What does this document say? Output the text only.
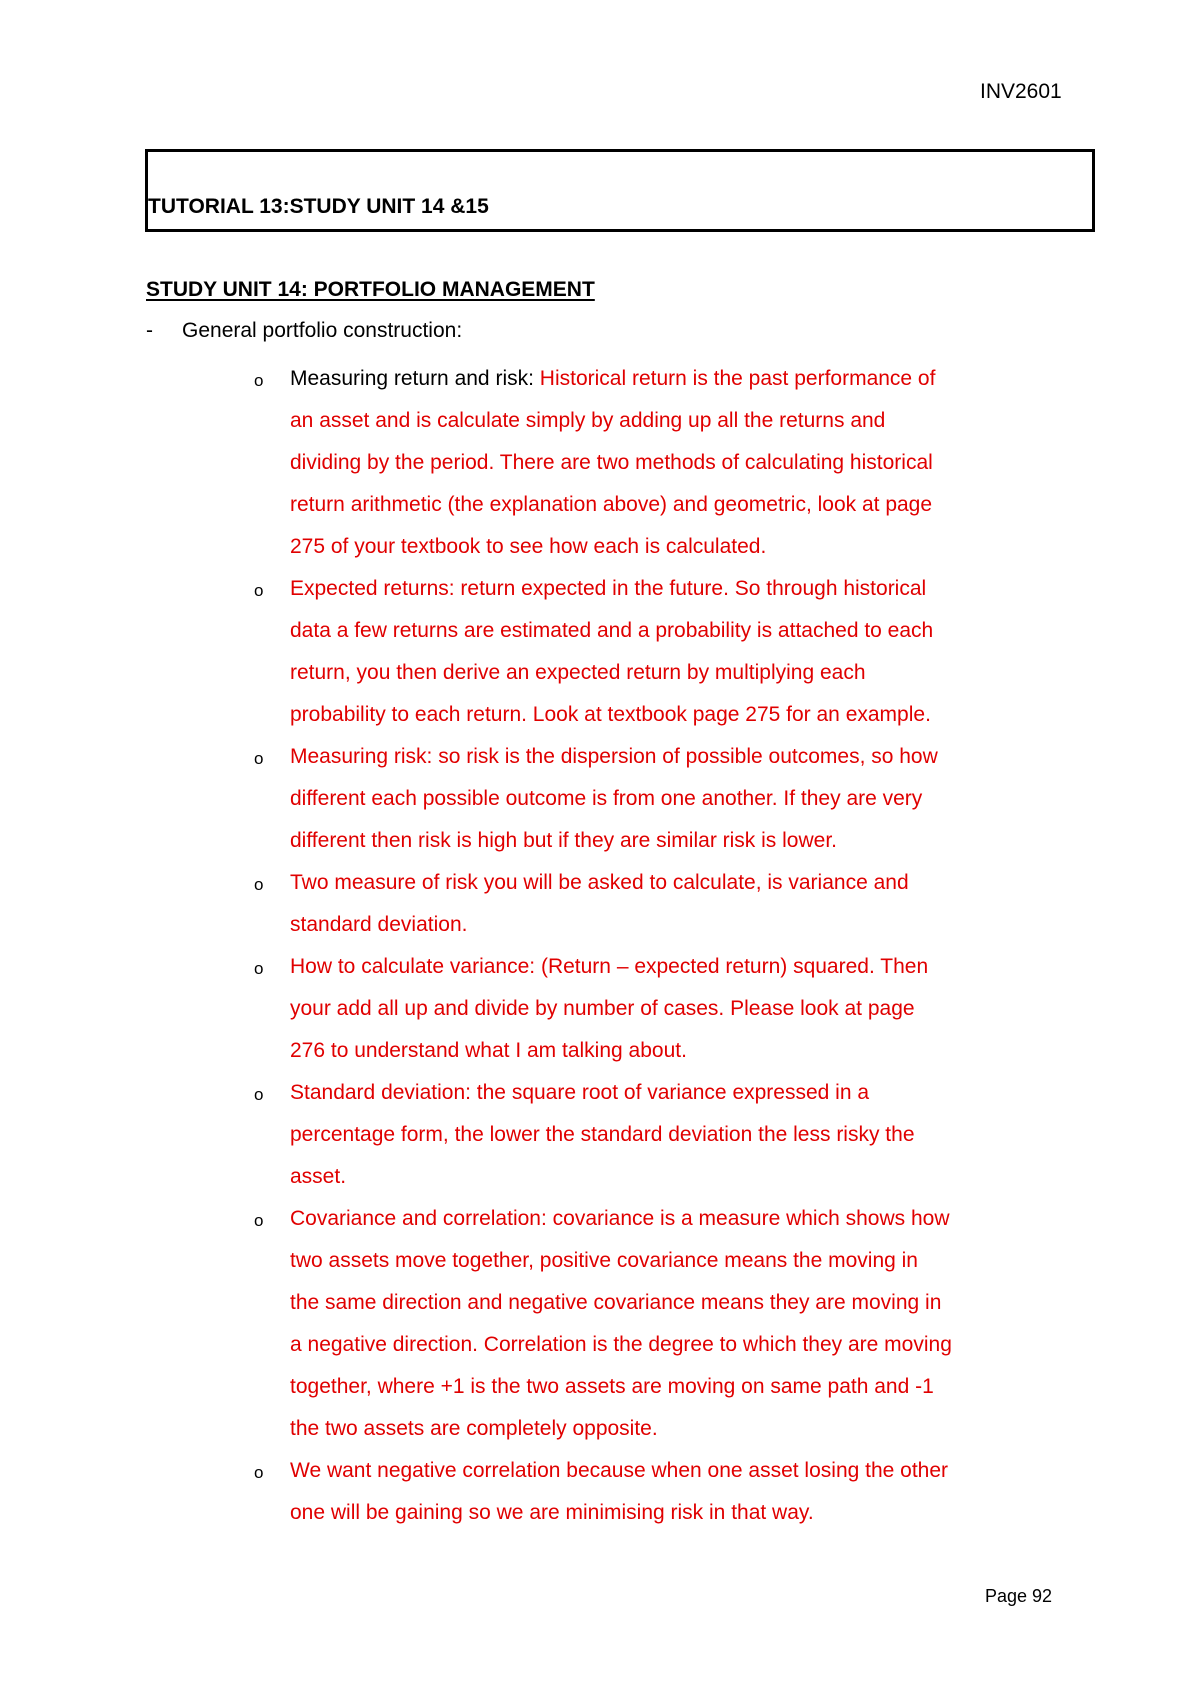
INV2601
TUTORIAL 13:STUDY UNIT 14 &15
STUDY UNIT 14: PORTFOLIO MANAGEMENT
- General portfolio construction:
o Measuring return and risk: Historical return is the past performance of
an asset and is calculate simply by adding up all the returns and
dividing by the period. There are two methods of calculating historical
return arithmetic (the explanation above) and geometric, look at page
275 of your textbook to see how each is calculated.
o Expected returns: return expected in the future. So through historical
data a few returns are estimated and a probability is attached to each
return, you then derive an expected return by multiplying each
probability to each return. Look at textbook page 275 for an example.
o Measuring risk: so risk is the dispersion of possible outcomes, so how
different each possible outcome is from one another. If they are very
different then risk is high but if they are similar risk is lower.
o Two measure of risk you will be asked to calculate, is variance and
standard deviation.
o How to calculate variance: (Return – expected return) squared. Then
your add all up and divide by number of cases. Please look at page
276 to understand what I am talking about.
o Standard deviation: the square root of variance expressed in a
percentage form, the lower the standard deviation the less risky the
asset.
o Covariance and correlation: covariance is a measure which shows how
two assets move together, positive covariance means the moving in
the same direction and negative covariance means they are moving in
a negative direction. Correlation is the degree to which they are moving
together, where +1 is the two assets are moving on same path and -1
the two assets are completely opposite.
o We want negative correlation because when one asset losing the other
one will be gaining so we are minimising risk in that way.
Page 92
